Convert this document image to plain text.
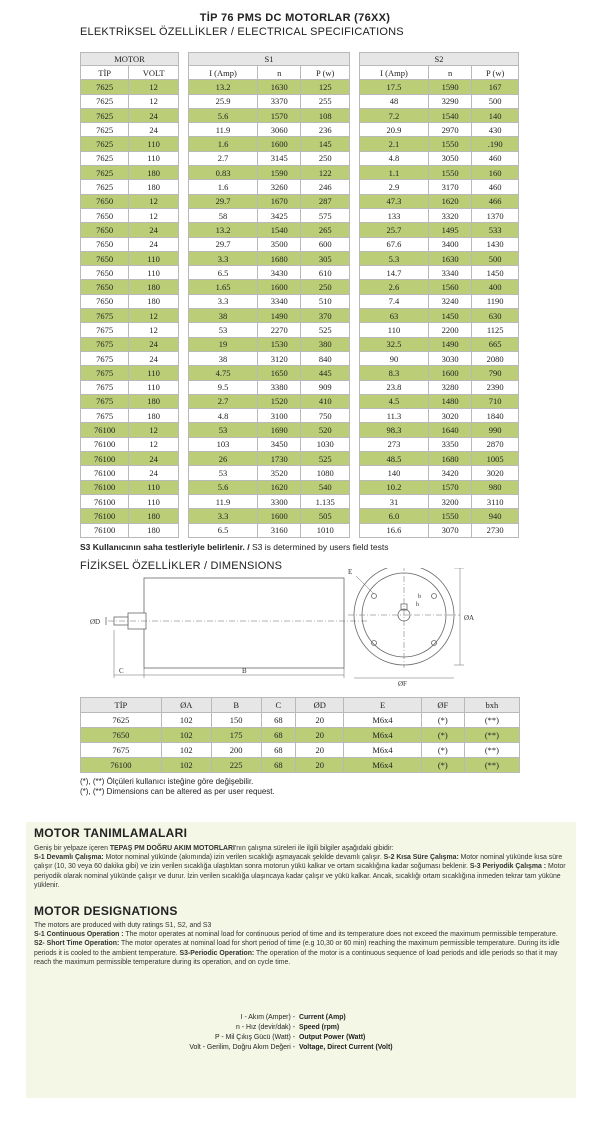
TİP 76 PMS DC MOTORLAR (76XX)
ELEKTRİKSEL ÖZELLİKLER / ELECTRICAL SPECIFICATIONS
MOTOR	
TİP	VOLT
7625	12
7625	12
7625	24
7625	24
7625	110
7625	110
7625	180
7625	180
7650	12
7650	12
7650	24
7650	24
7650	110
7650	110
7650	180
7650	180
7675	12
7675	12
7675	24
7675	24
7675	110
7675	110
7675	180
7675	180
76100	12
76100	12
76100	24
76100	24
76100	110
76100	110
76100	180
76100	180
S1		
I (Amp)	n	P (w)
13.2	1630	125
25.9	3370	255
5.6	1570	108
11.9	3060	236
1.6	1600	145
2.7	3145	250
0.83	1590	122
1.6	3260	246
29.7	1670	287
58	3425	575
13.2	1540	265
29.7	3500	600
3.3	1680	305
6.5	3430	610
1.65	1600	250
3.3	3340	510
38	1490	370
53	2270	525
19	1530	380
38	3120	840
4.75	1650	445
9.5	3380	909
2.7	1520	410
4.8	3100	750
53	1690	520
103	3450	1030
26	1730	525
53	3520	1080
5.6	1620	540
11.9	3300	1.135
3.3	1600	505
6.5	3160	1010
S2		
I (Amp)	n	P (w)
17.5	1590	167
48	3290	500
7.2	1540	140
20.9	2970	430
2.1	1550	.190
4.8	3050	460
1.1	1550	160
2.9	3170	460
47.3	1620	466
133	3320	1370
25.7	1495	533
67.6	3400	1430
5.3	1630	500
14.7	3340	1450
2.6	1560	400
7.4	3240	1190
63	1450	630
110	2200	1125
32.5	1490	665
90	3030	2080
8.3	1600	790
23.8	3280	2390
4.5	1480	710
11.3	3020	1840
98.3	1640	990
273	3350	2870
48.5	1680	1005
140	3420	3020
10.2	1570	980
31	3200	3110
6.0	1550	940
16.6	3070	2730
S3 Kullanıcının saha testleriyle belirlenir. / S3 is determined by users field tests
FİZİKSEL ÖZELLİKLER / DIMENSIONS
ØD
C	B
E
h
b
ØA
ØF
TİP	ØA	B	C	ØD	E	ØF	bxh
7625	102	150	68	20	M6x4	(*)	(**)
7650	102	175	68	20	M6x4	(*)	(**)
7675	102	200	68	20	M6x4	(*)	(**)
76100	102	225	68	20	M6x4	(*)	(**)
(*), (**) Ölçüleri kullanıcı isteğine göre değişebilir.
(*), (**) Dimensions can be altered as per user request.
MOTOR TANIMLAMALARI
Geniş bir yelpaze içeren TEPAŞ PM DOĞRU AKIM MOTORLARI'nın çalışma süreleri ile ilgili bilgiler aşağıdaki gibidir:
S-1 Devamlı Çalışma: Motor nominal yükünde (akımında) izin verilen sıcaklığı aşmayacak şekilde devamlı çalışır. S-2 Kısa Süre Çalışma: Motor nominal yükünde kısa süre çalışır (10, 30 veya 60 dakika gibi) ve izin verilen sıcaklığa ulaştıktan sonra motorun yükü kalkar ve ortam sıcaklığına kadar soğuması beklenir. S-3 Periyodik Çalışma : Motor periyodik olarak nominal yükünde çalışır ve durur. İzin verilen sıcaklığa ulaşıncaya kadar çalışır ve yükü kalkar. Ancak, sıcaklığı ortam sıcaklığına inmeden tekrar tam yüküne yüklenir.
MOTOR DESIGNATIONS
The motors are produced with duty ratings S1, S2, and S3
S-1 Continuous Operation : The motor operates at nominal load for continuous period of time and its temperature does not exceed the maximum permissible temperature. S2- Short Time Operation: The motor operates at nominal load for short period of time (e.g 10,30 or 60 min) reaching the maximum permissible temperature. During its idle periods it is cooled to the ambient temperature. S3-Periodic Operation: The operation of the motor is a continuous sequence of load periods and idle periods so that it may reach the maximum permissible temperature during its operation, and on cycle time.
I - Akım (Amper) - Current (Amp)
n - Hız (devir/dak) - Speed (rpm)
P - Mil Çıkış Gücü (Watt) - Output Power (Watt)
Volt - Gerilim, Doğru Akım Değeri - Voltage, Direct Current (Volt)
